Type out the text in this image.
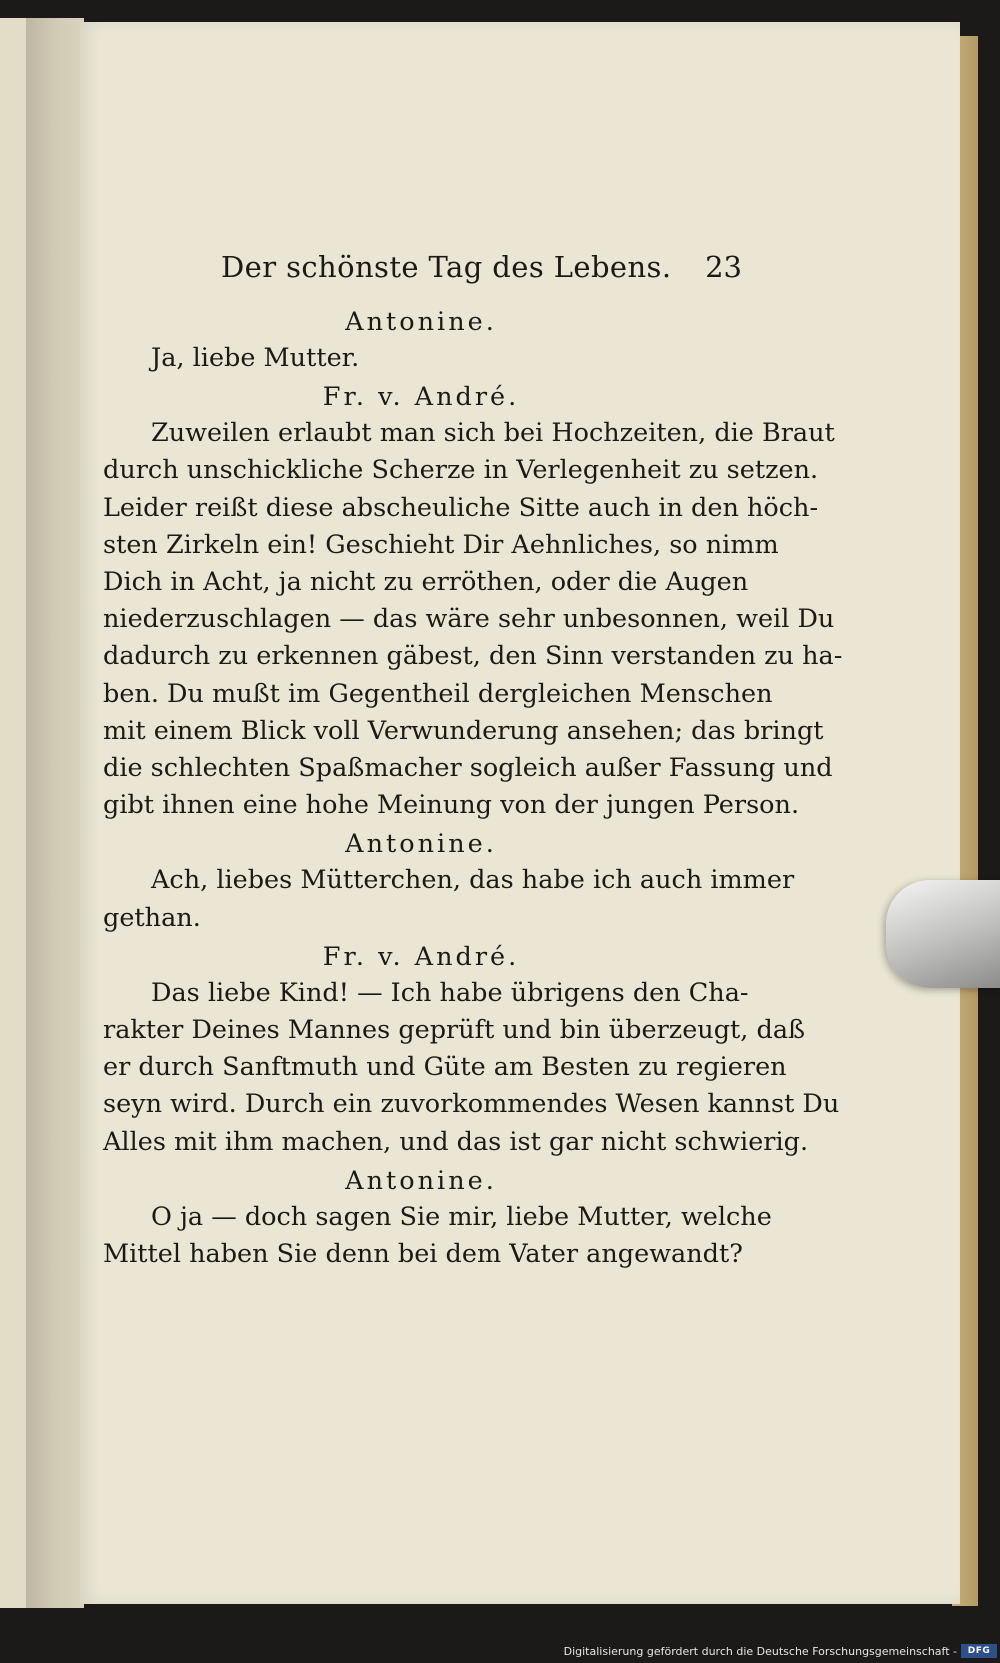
Der schönste Tag des Lebens. 23
Antonine.
Ja, liebe Mutter.
Fr. v. André.
Zuweilen erlaubt man sich bei Hochzeiten, die Braut
durch unschickliche Scherze in Verlegenheit zu setzen.
Leider reißt diese abscheuliche Sitte auch in den höch-
sten Zirkeln ein! Geschieht Dir Aehnliches, so nimm
Dich in Acht, ja nicht zu erröthen, oder die Augen
niederzuschlagen — das wäre sehr unbesonnen, weil Du
dadurch zu erkennen gäbest, den Sinn verstanden zu ha-
ben. Du mußt im Gegentheil dergleichen Menschen
mit einem Blick voll Verwunderung ansehen; das bringt
die schlechten Spaßmacher sogleich außer Fassung und
gibt ihnen eine hohe Meinung von der jungen Person.
Antonine.
Ach, liebes Mütterchen, das habe ich auch immer
gethan.
Fr. v. André.
Das liebe Kind! — Ich habe übrigens den Cha-
rakter Deines Mannes geprüft und bin überzeugt, daß
er durch Sanftmuth und Güte am Besten zu regieren
seyn wird. Durch ein zuvorkommendes Wesen kannst Du
Alles mit ihm machen, und das ist gar nicht schwierig.
Antonine.
O ja — doch sagen Sie mir, liebe Mutter, welche
Mittel haben Sie denn bei dem Vater angewandt?
Digitalisierung gefördert durch die Deutsche Forschungsgemeinschaft -	DFG
